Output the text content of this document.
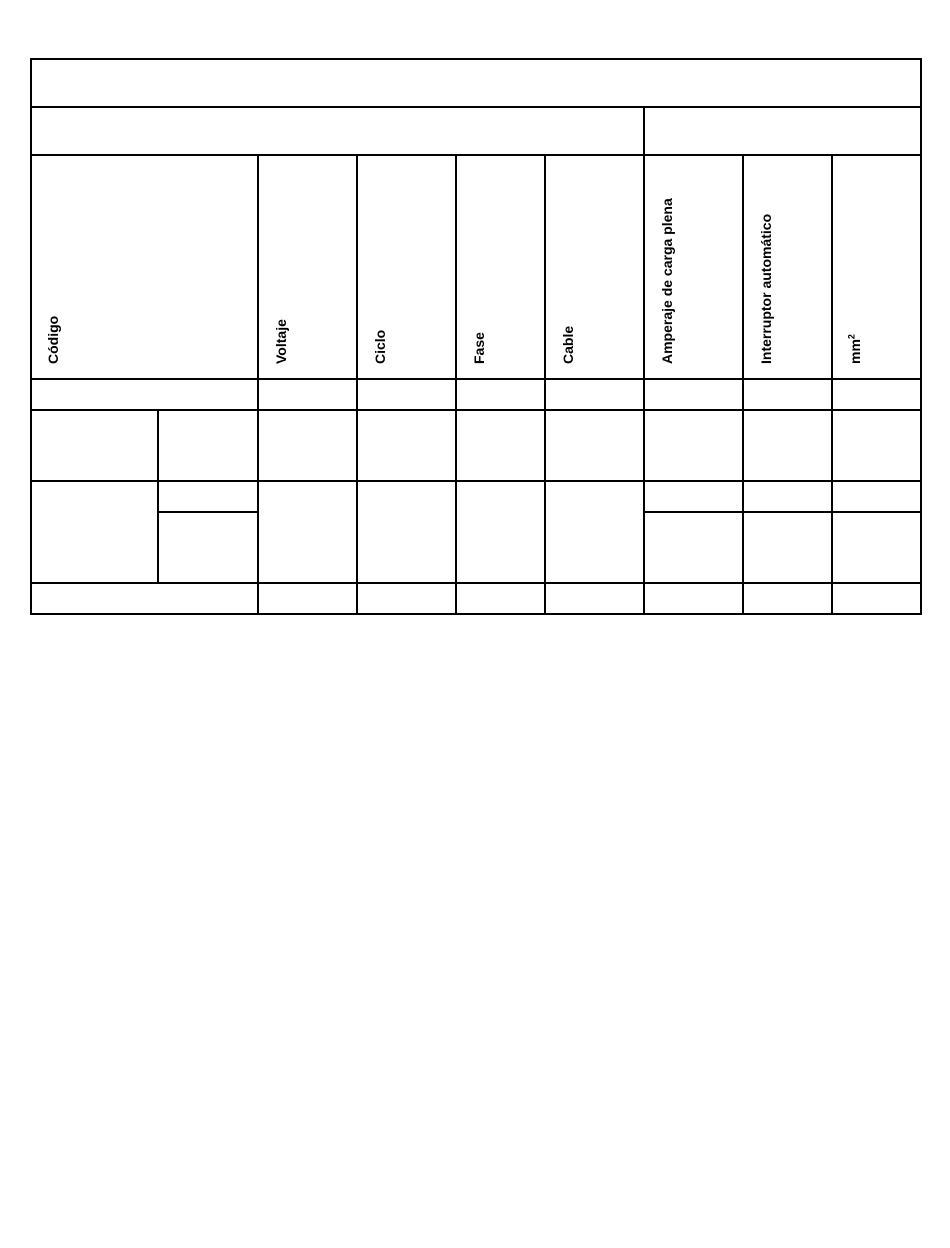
Código	Voltaje	Ciclo	Fase	Cable	Amperaje de carga plena	Interruptor automático	$mm^2$
